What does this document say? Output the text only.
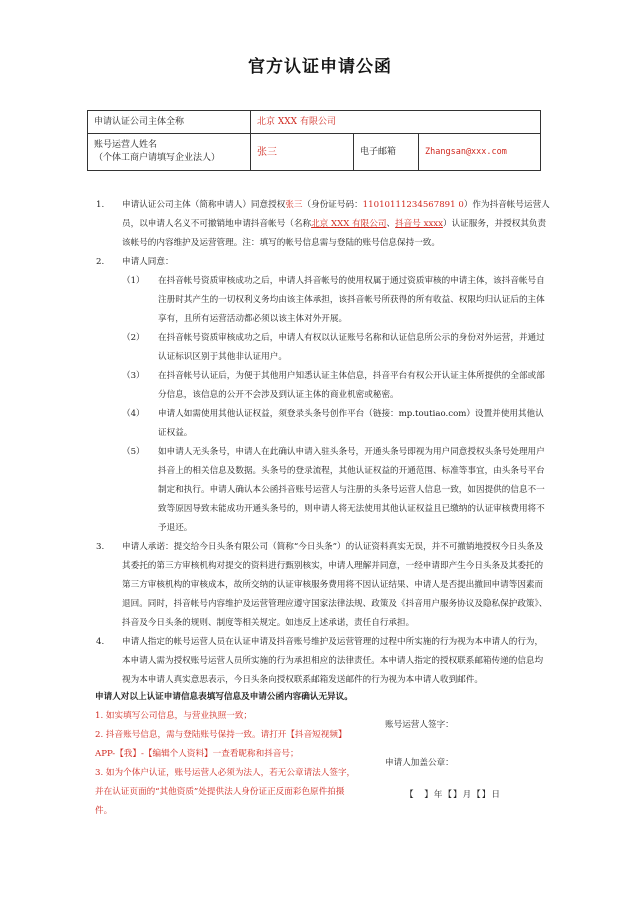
官方认证申请公函
申请认证公司主体全称	北京 XXX 有限公司		

账号运营人姓名
（个体工商户请填写企业法人）	张三	电子邮箱	Zhangsan@xxx.com
1. 申请认证公司主体（简称申请人）同意授权张三（身份证号码：11010111234567891 0）作为抖音帐号运营人员，以申请人名义不可撤销地申请抖音帐号（名称北京 XXX 有限公司、抖音号 xxxx）认证服务，并授权其负责该帐号的内容维护及运营管理。注：填写的帐号信息需与登陆的账号信息保持一致。
2. 申请人同意：
（1） 在抖音帐号资质审核成功之后，申请人抖音帐号的使用权属于通过资质审核的申请主体，该抖音帐号自注册时其产生的一切权利义务均由该主体承担，该抖音帐号所获得的所有收益、权限均归认证后的主体享有，且所有运营活动都必须以该主体对外开展。
（2） 在抖音帐号资质审核成功之后，申请人有权以认证账号名称和认证信息所公示的身份对外运营，并通过认证标识区别于其他非认证用户。
（3） 在抖音帐号认证后，为便于其他用户知悉认证主体信息，抖音平台有权公开认证主体所提供的全部或部分信息，该信息的公开不会涉及到认证主体的商业机密或秘密。
（4） 申请人如需使用其他认证权益，须登录头条号创作平台（链接：mp.toutiao.com）设置并使用其他认证权益。
（5） 如申请人无头条号，申请人在此确认申请入驻头条号，开通头条号即视为用户同意授权头条号处理用户抖音上的相关信息及数据。头条号的登录流程，其他认证权益的开通范围、标准等事宜，由头条号平台制定和执行。申请人确认本公函抖音账号运营人与注册的头条号运营人信息一致，如因提供的信息不一致等原因导致未能成功开通头条号的，则申请人将无法使用其他认证权益且已缴纳的认证审核费用将不予退还。
3. 申请人承诺：提交给今日头条有限公司（简称“今日头条”）的认证资料真实无误，并不可撤销地授权今日头条及其委托的第三方审核机构对提交的资料进行甄别核实，申请人理解并同意，一经申请即产生今日头条及其委托的第三方审核机构的审核成本，故所交纳的认证审核服务费用将不因认证结果、申请人是否提出撤回申请等因素而退回。同时，抖音帐号内容维护及运营管理应遵守国家法律法规、政策及《抖音用户服务协议及隐私保护政策》、抖音及今日头条的规则、制度等相关规定。如违反上述承诺，责任自行承担。
4. 申请人指定的帐号运营人员在认证申请及抖音账号维护及运营管理的过程中所实施的行为视为本申请人的行为，本申请人需为授权账号运营人员所实施的行为承担相应的法律责任。本申请人指定的授权联系邮箱传递的信息均视为本申请人真实意思表示，今日头条向授权联系邮箱发送邮件的行为视为本申请人收到邮件。
申请人对以上认证申请信息表填写信息及申请公函内容确认无异议。
1. 如实填写公司信息，与营业执照一致；
2. 抖音账号信息，需与登陆账号保持一致。请打开【抖音短视频】APP-【我】-【编辑个人资料】一查看昵称和抖音号；
3. 如为个体户认证，账号运营人必须为法人，若无公章请法人签字，并在认证页面的“其他资质”处提供法人身份证正反面彩色原件拍摄件。
账号运营人签字：
申请人加盖公章：
【　】年【】月【】日
